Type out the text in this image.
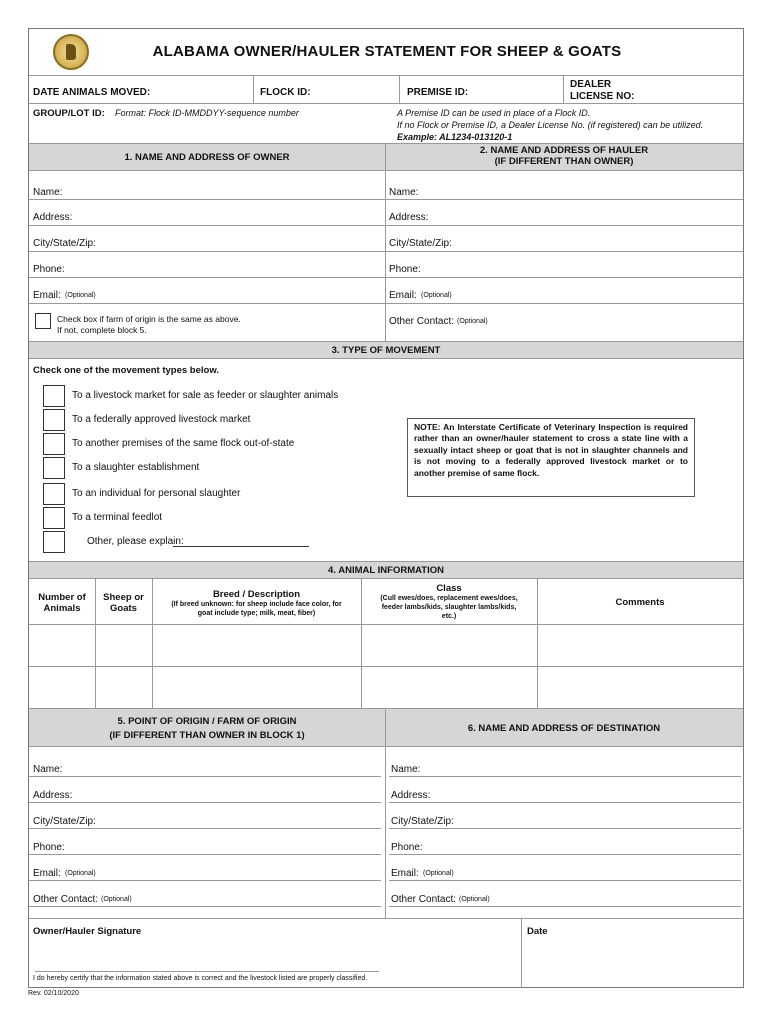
ALABAMA OWNER/HAULER STATEMENT FOR SHEEP & GOATS
DATE ANIMALS MOVED:	FLOCK ID:	PREMISE ID:
DEALER
LICENSE NO:
GROUP/LOT ID: Format: Flock ID-MMDDYY-sequence number	A Premise ID can be used in place of a Flock ID.
If no Flock or Premise ID, a Dealer License No. (if registered) can be utilized.
Example: AL1234-013120-1
1. NAME AND ADDRESS OF OWNER
2. NAME AND ADDRESS OF HAULER
(IF DIFFERENT THAN OWNER)
Name:
Address:
City/State/Zip:
Phone:
Email: (Optional)
Check box if farm of origin is the same as above.
If not, complete block 5.
Name:
Address:
City/State/Zip:
Phone:
Email: (Optional)
Other Contact: (Optional)
3. TYPE OF MOVEMENT
Check one of the movement types below.
To a livestock market for sale as feeder or slaughter animals
To a federally approved livestock market
To another premises of the same flock out-of-state
To a slaughter establishment
To an individual for personal slaughter
To a terminal feedlot
Other, please explain:
NOTE: An Interstate Certificate of Veterinary Inspection is required rather than an owner/hauler statement to cross a state line with a sexually intact sheep or goat that is not in slaughter channels and is not moving to a federally approved livestock market or to another premise of same flock.
4. ANIMAL INFORMATION
Number of
Animals
Sheep or
Goats
Breed / Description
(If breed unknown: for sheep include face color, for
goat include type; milk, meat, fiber)
Class
(Cull ewes/does, replacement ewes/does,
feeder lambs/kids, slaughter lambs/kids,
etc.)
Comments
5. POINT OF ORIGIN / FARM OF ORIGIN
(IF DIFFERENT THAN OWNER IN BLOCK 1)
6. NAME AND ADDRESS OF DESTINATION
Name:
Address:
City/State/Zip:
Phone:
Email: (Optional)
Other Contact: (Optional)
Name:
Address:
City/State/Zip:
Phone:
Email: (Optional)
Other Contact: (Optional)
Owner/Hauler Signature	Date
I do hereby certify that the information stated above is correct and the livestock listed are properly classified.
Rev. 02/10/2020
